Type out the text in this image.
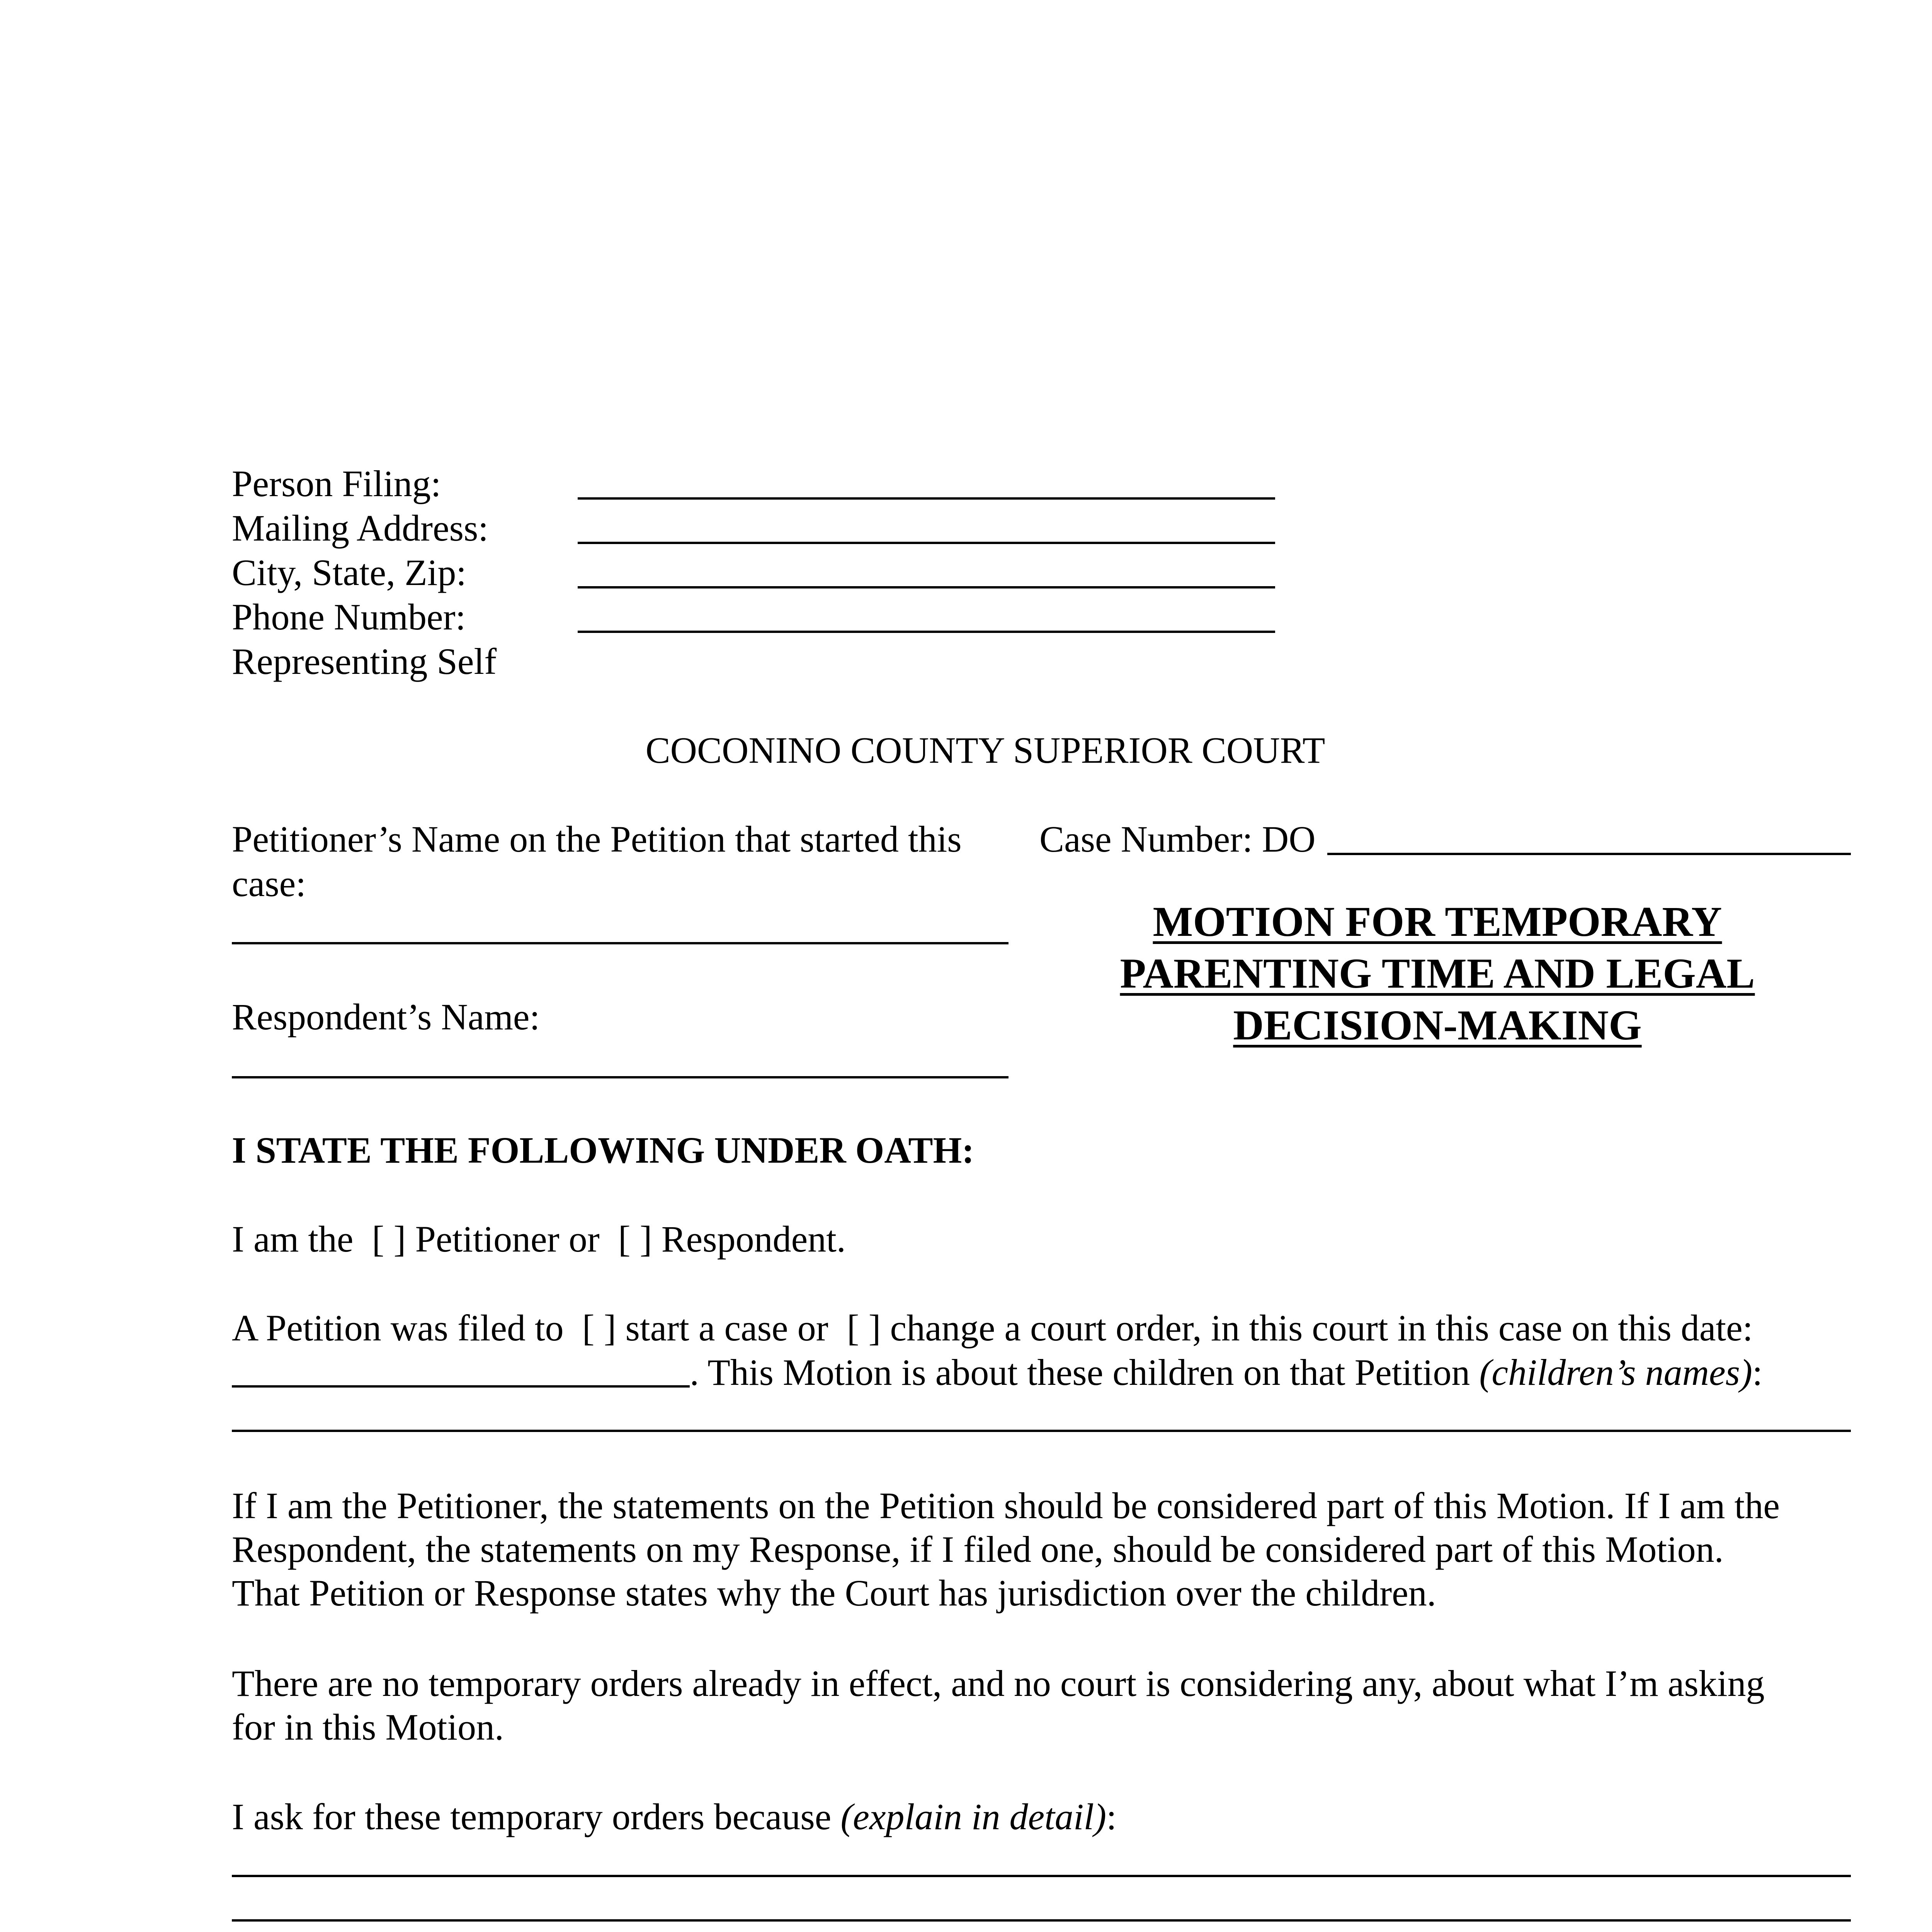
Person Filing:
Mailing Address:
City, State, Zip:
Phone Number:
Representing Self
COCONINO COUNTY SUPERIOR COURT
Petitioner’s Name on the Petition that started this
case:
Respondent’s Name:
Case Number: DO
MOTION FOR TEMPORARY
PARENTING TIME AND LEGAL
DECISION-MAKING
I STATE THE FOLLOWING UNDER OATH:
I am the [ ] Petitioner or [ ] Respondent.
A Petition was filed to [ ] start a case or [ ] change a court order, in this court in this case on this date:
. This Motion is about these children on that Petition (children’s names):
If I am the Petitioner, the statements on the Petition should be considered part of this Motion. If I am the
Respondent, the statements on my Response, if I filed one, should be considered part of this Motion.
That Petition or Response states why the Court has jurisdiction over the children.
There are no temporary orders already in effect, and no court is considering any, about what I’m asking
for in this Motion.
I ask for these temporary orders because (explain in detail):
